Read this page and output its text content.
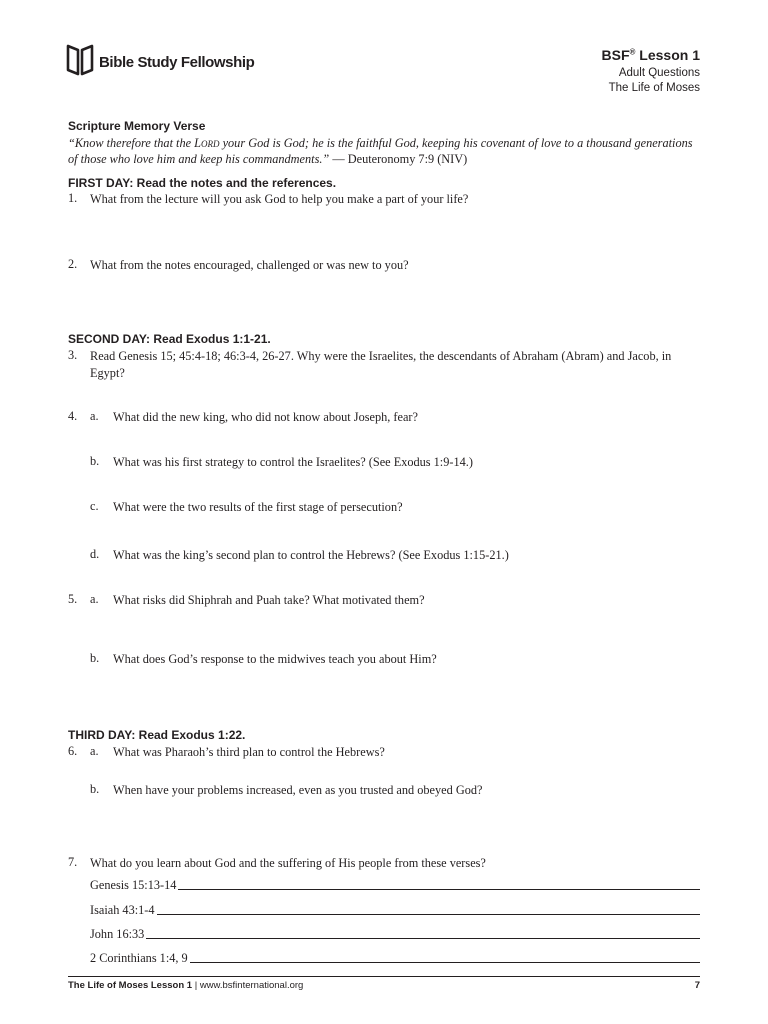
Bible Study Fellowship	BSF® Lesson 1
Adult Questions
The Life of Moses
Scripture Memory Verse
“Know therefore that the Lord your God is God; he is the faithful God, keeping his covenant of love to a thousand generations of those who love him and keep his commandments.” — Deuteronomy 7:9 (NIV)
FIRST DAY: Read the notes and the references.
1. What from the lecture will you ask God to help you make a part of your life?
2. What from the notes encouraged, challenged or was new to you?
SECOND DAY: Read Exodus 1:1-21.
3. Read Genesis 15; 45:4-18; 46:3-4, 26-27. Why were the Israelites, the descendants of Abraham (Abram) and Jacob, in Egypt?
4. a. What did the new king, who did not know about Joseph, fear?
b. What was his first strategy to control the Israelites? (See Exodus 1:9-14.)
c. What were the two results of the first stage of persecution?
d. What was the king’s second plan to control the Hebrews? (See Exodus 1:15-21.)
5. a. What risks did Shiphrah and Puah take? What motivated them?
b. What does God’s response to the midwives teach you about Him?
THIRD DAY: Read Exodus 1:22.
6. a. What was Pharaoh’s third plan to control the Hebrews?
b. When have your problems increased, even as you trusted and obeyed God?
7. What do you learn about God and the suffering of His people from these verses?
Genesis 15:13-14
Isaiah 43:1-4
John 16:33
2 Corinthians 1:4, 9
The Life of Moses Lesson 1 | www.bsfinternational.org	7
